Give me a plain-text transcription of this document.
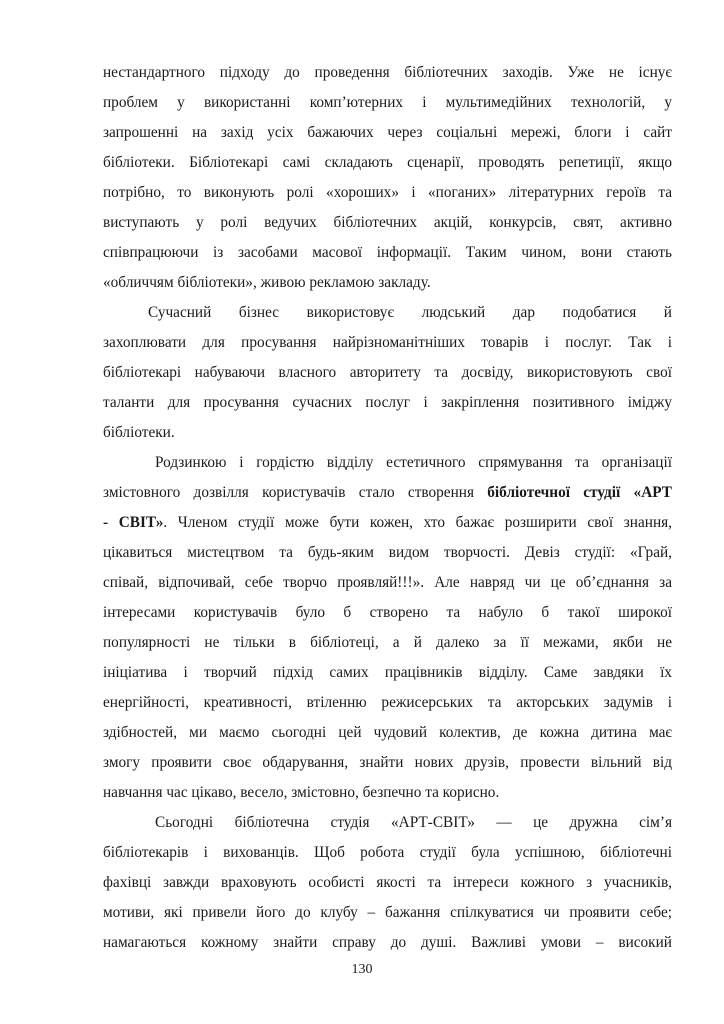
нестандартного підходу до проведення бібліотечних заходів. Уже не існує
проблем у використанні комп’ютерних і мультимедійних технологій, у
запрошенні на захід усіх бажаючих через соціальні мережі, блоги і сайт
бібліотеки. Бібліотекарі самі складають сценарії, проводять репетиції, якщо
потрібно, то виконують ролі «хороших» і «поганих» літературних героїв та
виступають у ролі ведучих бібліотечних акцій, конкурсів, свят, активно
співпрацюючи із засобами масової інформації. Таким чином, вони стають
«обличчям бібліотеки», живою рекламою закладу.

Сучасний бізнес використовує людський дар подобатися й
захоплювати для просування найрізноманітніших товарів і послуг. Так і
бібліотекарі набуваючи власного авторитету та досвіду, використовують свої
таланти для просування сучасних послуг і закріплення позитивного іміджу
бібліотеки.

Родзинкою і гордістю відділу естетичного спрямування та організації
змістовного дозвілля користувачів стало створення бібліотечної студії «АРТ
- СВІТ». Членом студії може бути кожен, хто бажає розширити свої знання,
цікавиться мистецтвом та будь-яким видом творчості. Девіз студії: «Грай,
співай, відпочивай, себе творчо проявляй!!!». Але навряд чи це об’єднання за
інтересами користувачів було б створено та набуло б такої широкої
популярності не тільки в бібліотеці, а й далеко за її межами, якби не
ініціатива і творчий підхід самих працівників відділу. Саме завдяки їх
енергійності, креативності, втіленню режисерських та акторських задумів і
здібностей, ми маємо сьогодні цей чудовий колектив, де кожна дитина має
змогу проявити своє обдарування, знайти нових друзів, провести вільний від
навчання час цікаво, весело, змістовно, безпечно та корисно.

Сьогодні бібліотечна студія «АРТ-СВІТ» — це дружна сім’я
бібліотекарів і вихованців. Щоб робота студії була успішною, бібліотечні
фахівці завжди враховують особисті якості та інтереси кожного з учасників,
мотиви, які привели його до клубу – бажання спілкуватися чи проявити себе;
намагаються кожному знайти справу до душі. Важливі умови – високий

130
